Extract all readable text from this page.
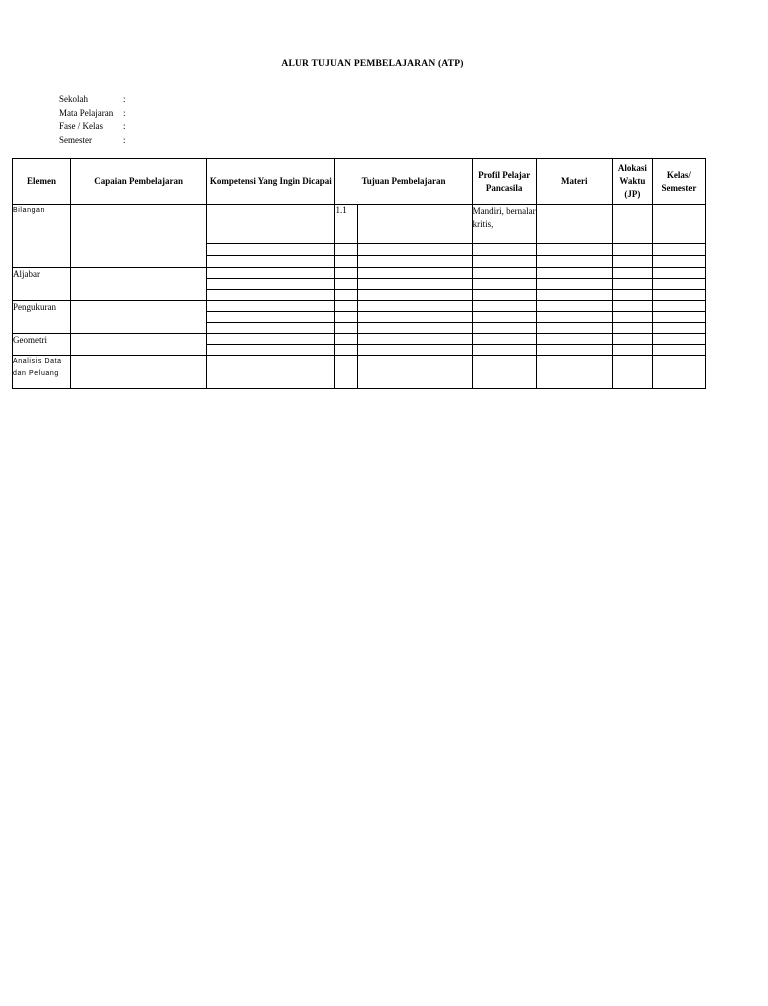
ALUR TUJUAN PEMBELAJARAN (ATP)
Sekolah	:
Mata Pelajaran :
Fase / Kelas :
Semester	:
Elemen	Capaian Pembelajaran	Kompetensi Yang Ingin Dicapai	Tujuan Pembelajaran		Profil Pelajar Pancasila	Materi	Alokasi Waktu (JP)	Kelas/ Semester
Bilangan			1.1		Mandiri, bernalar kritis,			

Aljabar								

Pengukuran								

Geometri								

Analisis Data dan Peluang								
